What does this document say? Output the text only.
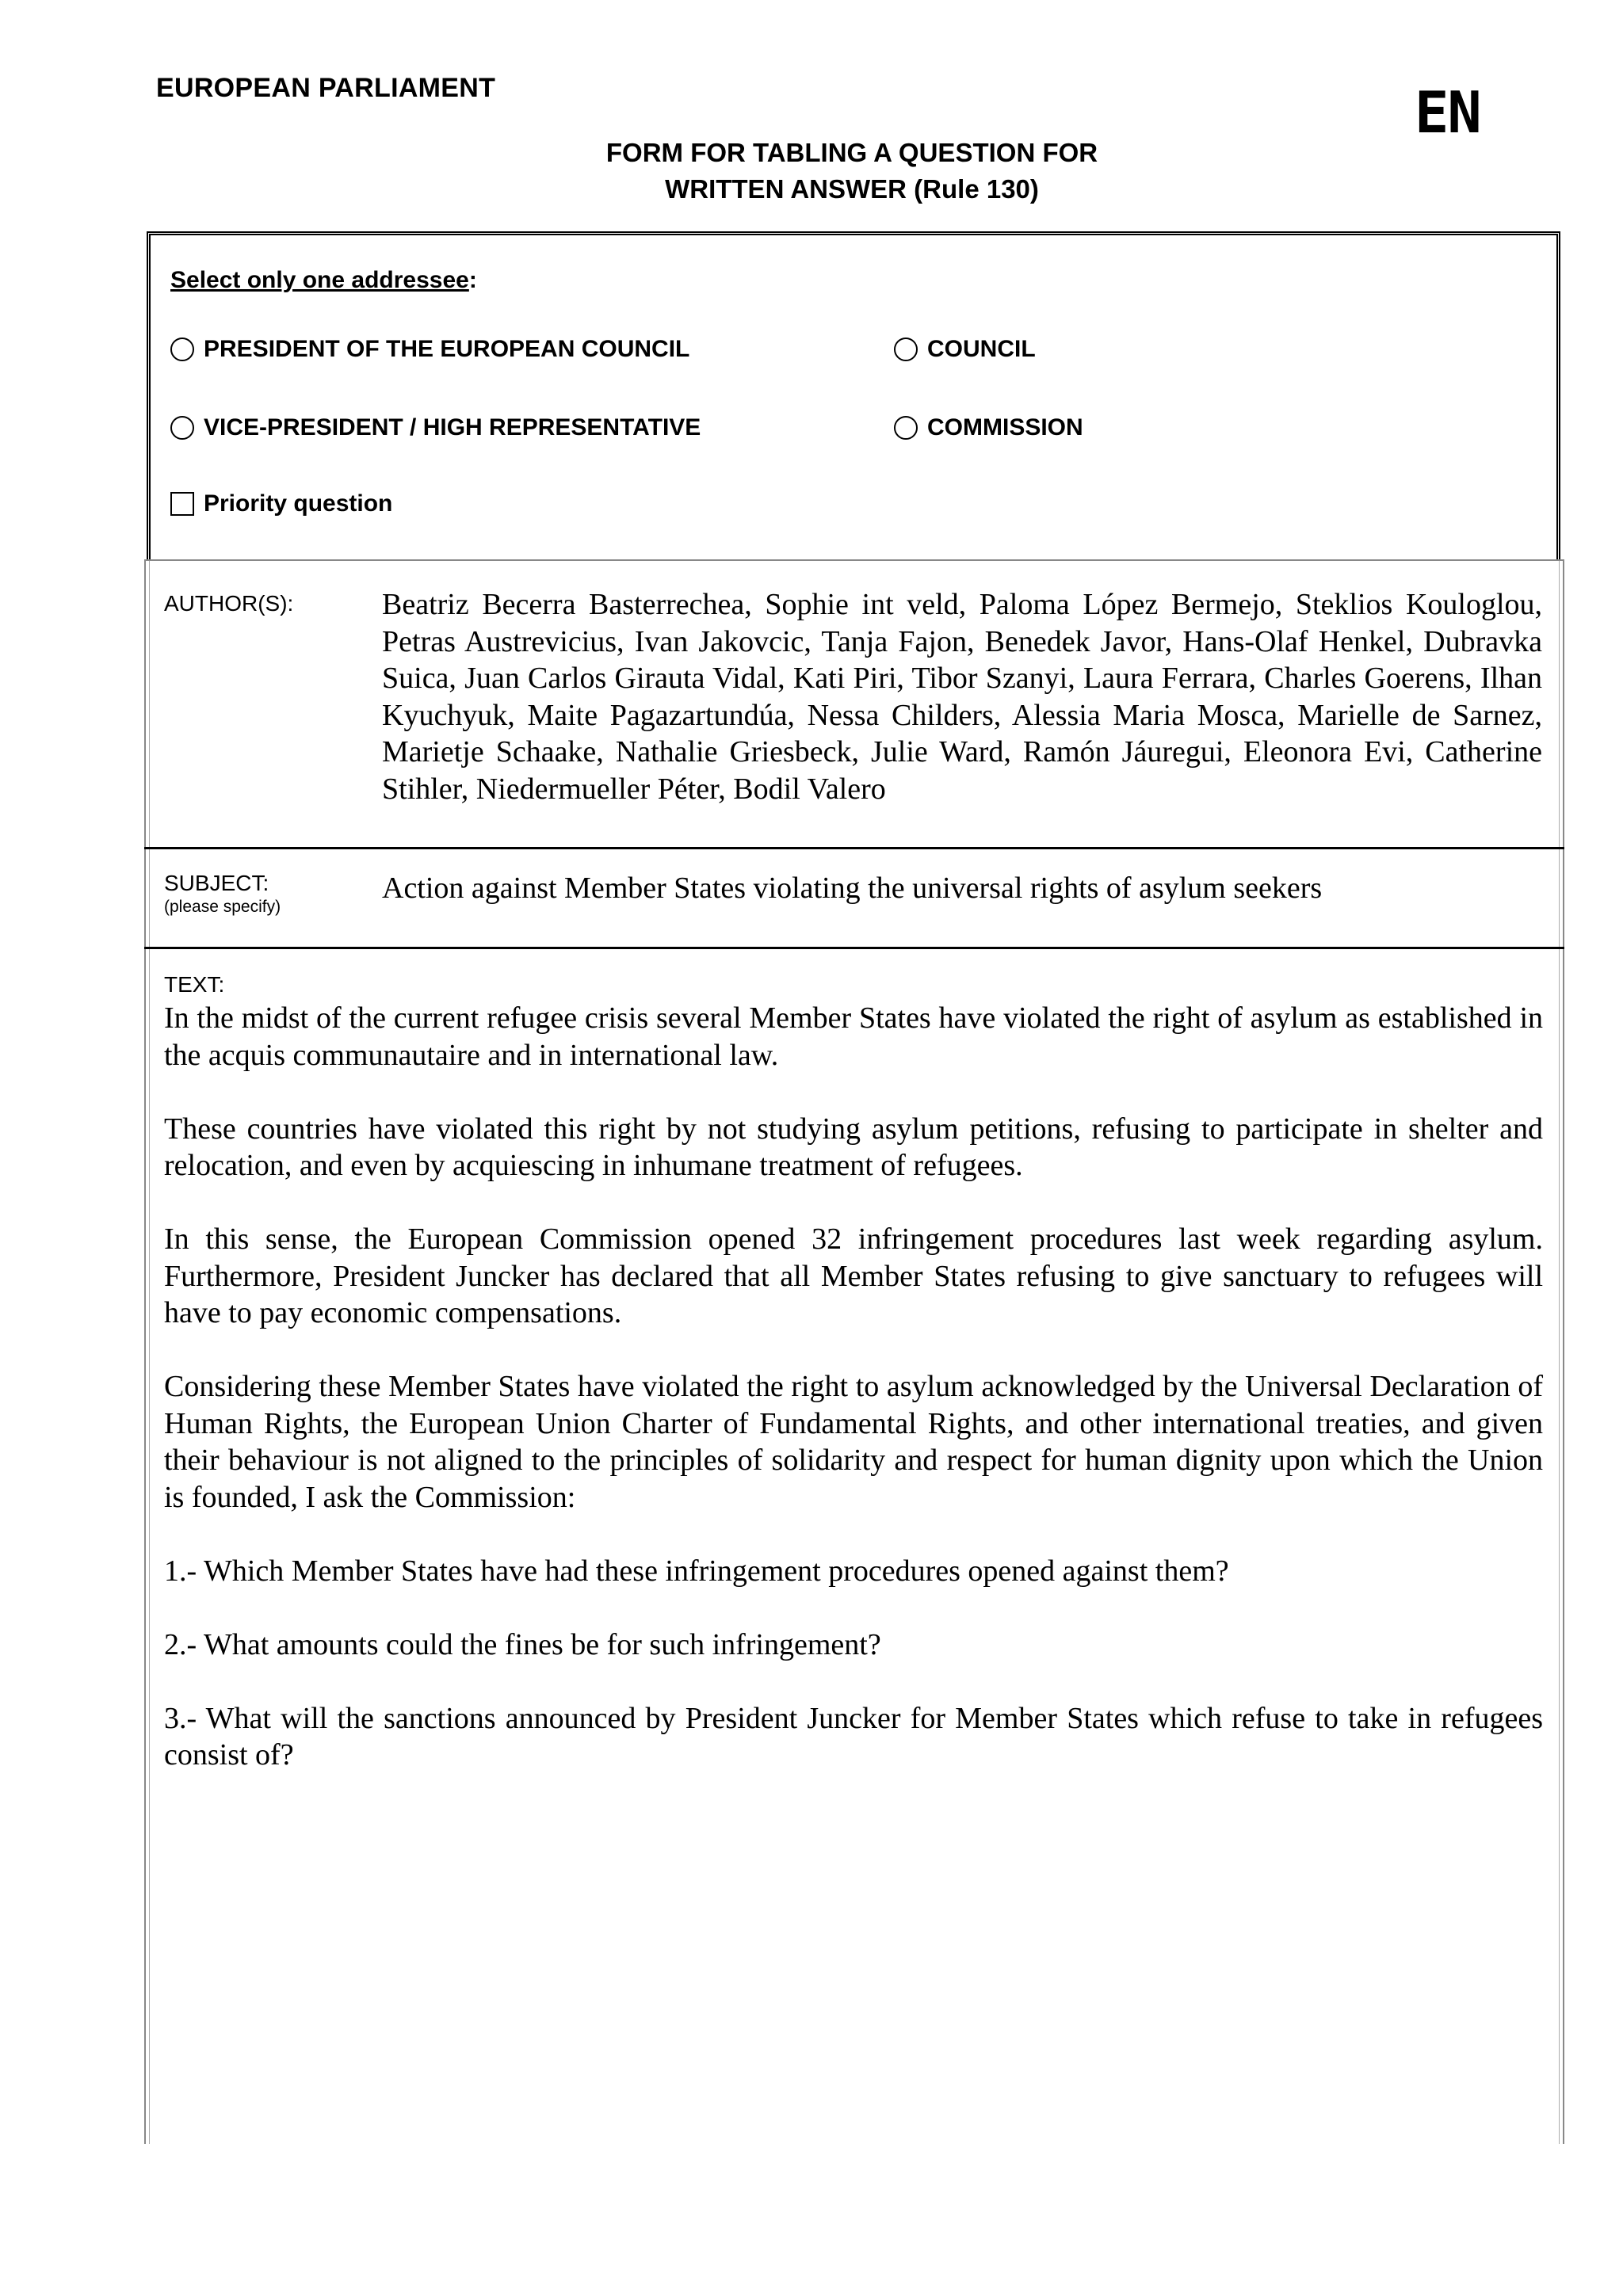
EUROPEAN PARLIAMENT	EN
FORM FOR TABLING A QUESTION FOR
WRITTEN ANSWER (Rule 130)
Select only one addressee:
PRESIDENT OF THE EUROPEAN COUNCIL	COUNCIL
VICE-PRESIDENT / HIGH REPRESENTATIVE	COMMISSION
Priority question
AUTHOR(S):	Beatriz Becerra Basterrechea, Sophie int veld, Paloma López Bermejo, Steklios Kouloglou, Petras Austrevicius, Ivan Jakovcic, Tanja Fajon, Benedek Javor, Hans-Olaf Henkel, Dubravka Suica, Juan Carlos Girauta Vidal, Kati Piri, Tibor Szanyi, Laura Ferrara, Charles Goerens, Ilhan Kyuchyuk, Maite Pagazartundúa, Nessa Childers, Alessia Maria Mosca, Marielle de Sarnez, Marietje Schaake, Nathalie Griesbeck, Julie Ward, Ramón Jáuregui, Eleonora Evi, Catherine Stihler, Niedermueller Péter, Bodil Valero
SUBJECT:
(please specify)
Action against Member States violating the universal rights of asylum seekers
TEXT:

In the midst of the current refugee crisis several Member States have violated the right of asylum as established in the acquis communautaire and in international law.

These countries have violated this right by not studying asylum petitions, refusing to participate in shelter and relocation, and even by acquiescing in inhumane treatment of refugees.

In this sense, the European Commission opened 32 infringement procedures last week regarding asylum. Furthermore, President Juncker has declared that all Member States refusing to give sanctuary to refugees will have to pay economic compensations.

Considering these Member States have violated the right to asylum acknowledged by the Universal Declaration of Human Rights, the European Union Charter of Fundamental Rights, and other international treaties, and given their behaviour is not aligned to the principles of solidarity and respect for human dignity upon which the Union is founded, I ask the Commission:

1.- Which Member States have had these infringement procedures opened against them?

2.- What amounts could the fines be for such infringement?

3.- What will the sanctions announced by President Juncker for Member States which refuse to take in refugees consist of?
